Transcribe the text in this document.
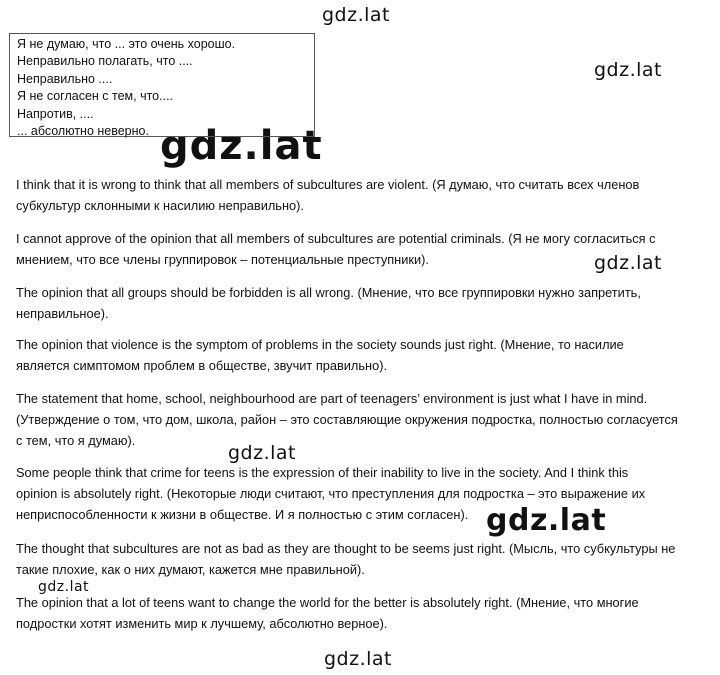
gdz.lat
gdz.lat
gdz.lat
gdz.lat
gdz.lat
gdz.lat
gdz.lat
gdz.lat
Я не думаю, что ... это очень хорошо.
Неправильно полагать, что ....
Неправильно ....
Я не согласен с тем, что....
Напротив, ....
... абсолютно неверно.

I think that it is wrong to think that all members of subcultures are violent. (Я думаю, что считать всех членов
субкультур склонными к насилию неправильно).

I cannot approve of the opinion that all members of subcultures are potential criminals. (Я не могу согласиться с
мнением, что все члены группировок – потенциальные преступники).

The opinion that all groups should be forbidden is all wrong. (Мнение, что все группировки нужно запретить,
неправильное).

The opinion that violence is the symptom of problems in the society sounds just right. (Мнение, то насилие
является симптомом проблем в обществе, звучит правильно).

The statement that home, school, neighbourhood are part of teenagers’ environment is just what I have in mind.
(Утверждение о том, что дом, школа, район – это составляющие окружения подростка, полностью согласуется
с тем, что я думаю).

Some people think that crime for teens is the expression of their inability to live in the society. And I think this
opinion is absolutely right. (Некоторые люди считают, что преступления для подростка – это выражение их
неприспособленности к жизни в обществе. И я полностью с этим согласен).

The thought that subcultures are not as bad as they are thought to be seems just right. (Мысль, что субкультуры не
такие плохие, как о них думают, кажется мне правильной).

The opinion that a lot of teens want to change the world for the better is absolutely right. (Мнение, что многие
подростки хотят изменить мир к лучшему, абсолютно верное).
